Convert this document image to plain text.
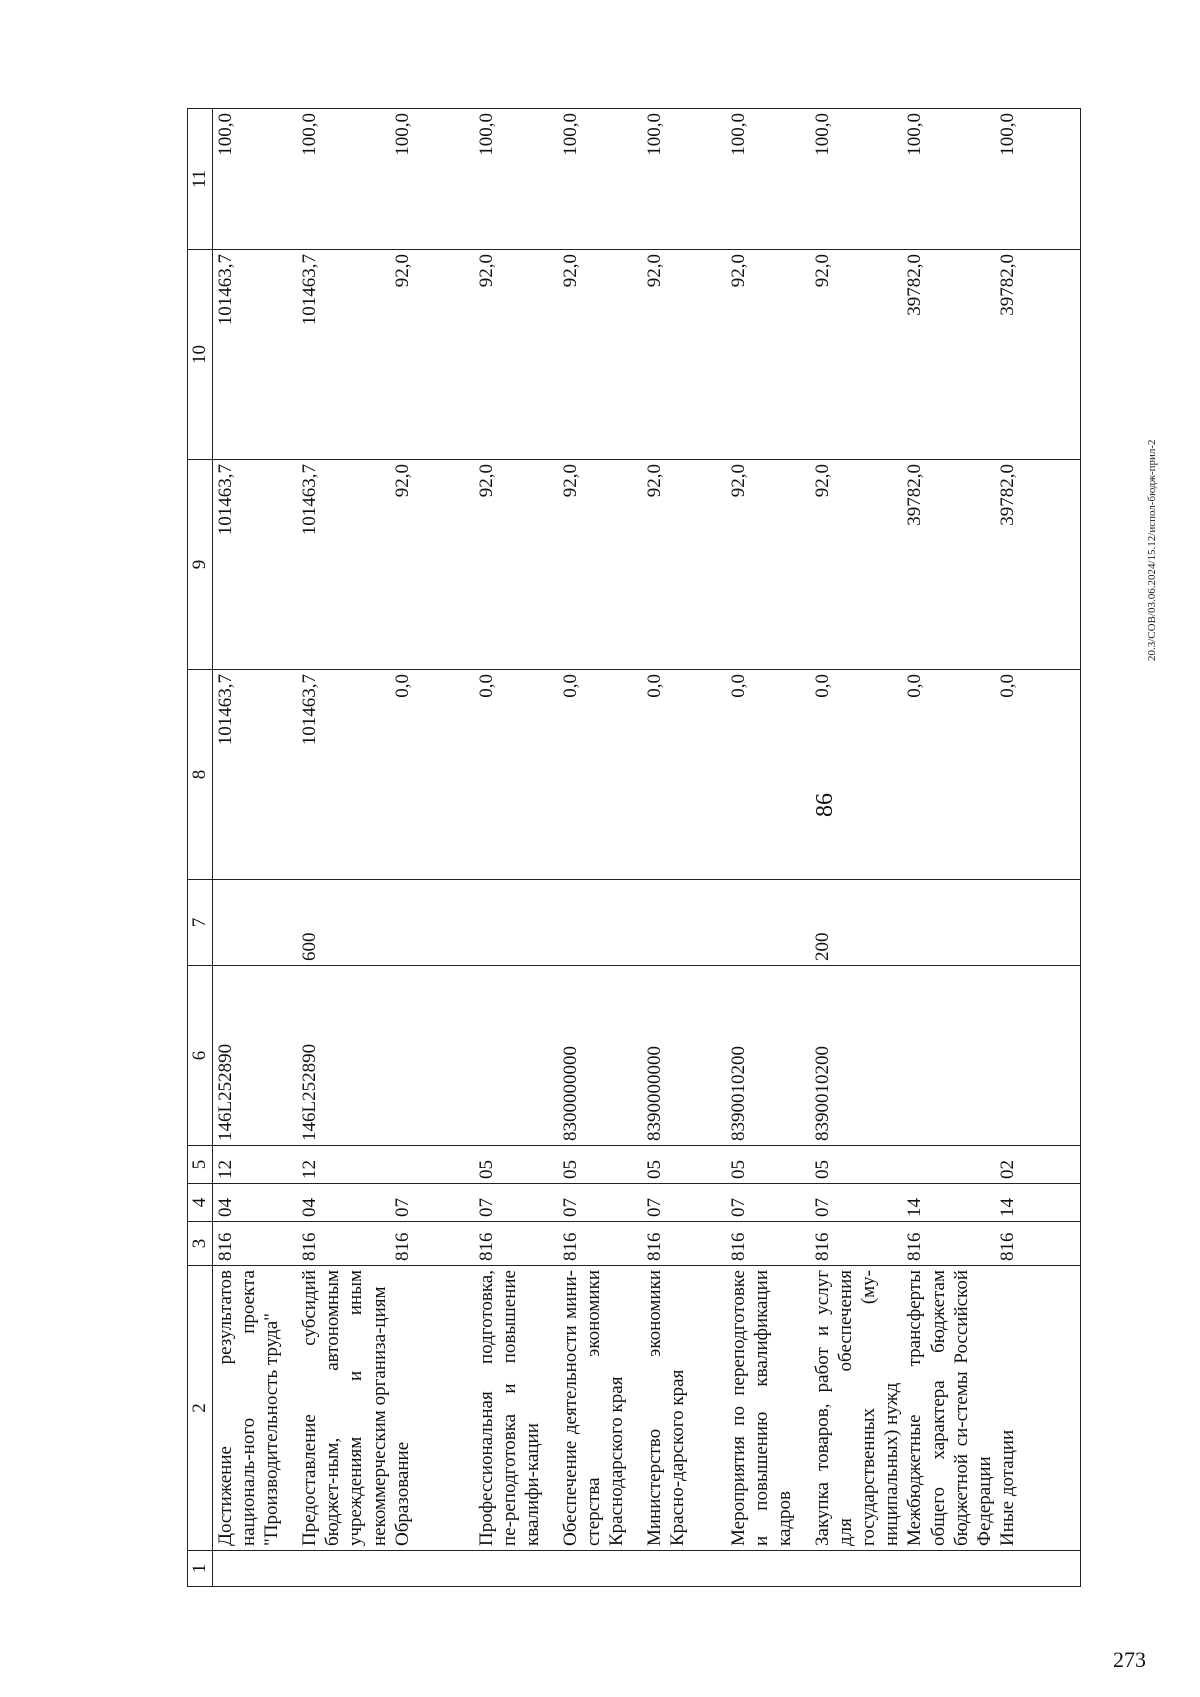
86
1	2	3	4	5	6	7	8	9	10	11
	Достижение результатов националь-ного проекта "Производительность труда"	816	04	12	146L252890		101463,7	101463,7	101463,7	100,0
	Предоставление субсидий бюджет-ным, автономным учреждениям и иным некоммерческим организа-циям	816	04	12	146L252890	600	101463,7	101463,7	101463,7	100,0
	Образование	816	07				0,0	92,0	92,0	100,0
	Профессиональная подготовка, пе-реподготовка и повышение квалифи-кации	816	07	05			0,0	92,0	92,0	100,0
	Обеспечение деятельности мини-стерства экономики Краснодарского края	816	07	05	8300000000		0,0	92,0	92,0	100,0
	Министерство экономики Красно-дарского края	816	07	05	8390000000		0,0	92,0	92,0	100,0
	Мероприятия по переподготовке и повышению квалификации кадров	816	07	05	8390010200		0,0	92,0	92,0	100,0
	Закупка товаров, работ и услуг для обеспечения государственных (му-ниципальных) нужд	816	07	05	8390010200	200	0,0	92,0	92,0	100,0
	Межбюджетные трансферты общего характера бюджетам бюджетной си-стемы Российской Федерации	816	14				0,0	39782,0	39782,0	100,0
	Иные дотации	816	14	02			0,0	39782,0	39782,0	100,0
20.3/СОВ/03.06.2024/15.12/испол-бюдж-прил-2
273
